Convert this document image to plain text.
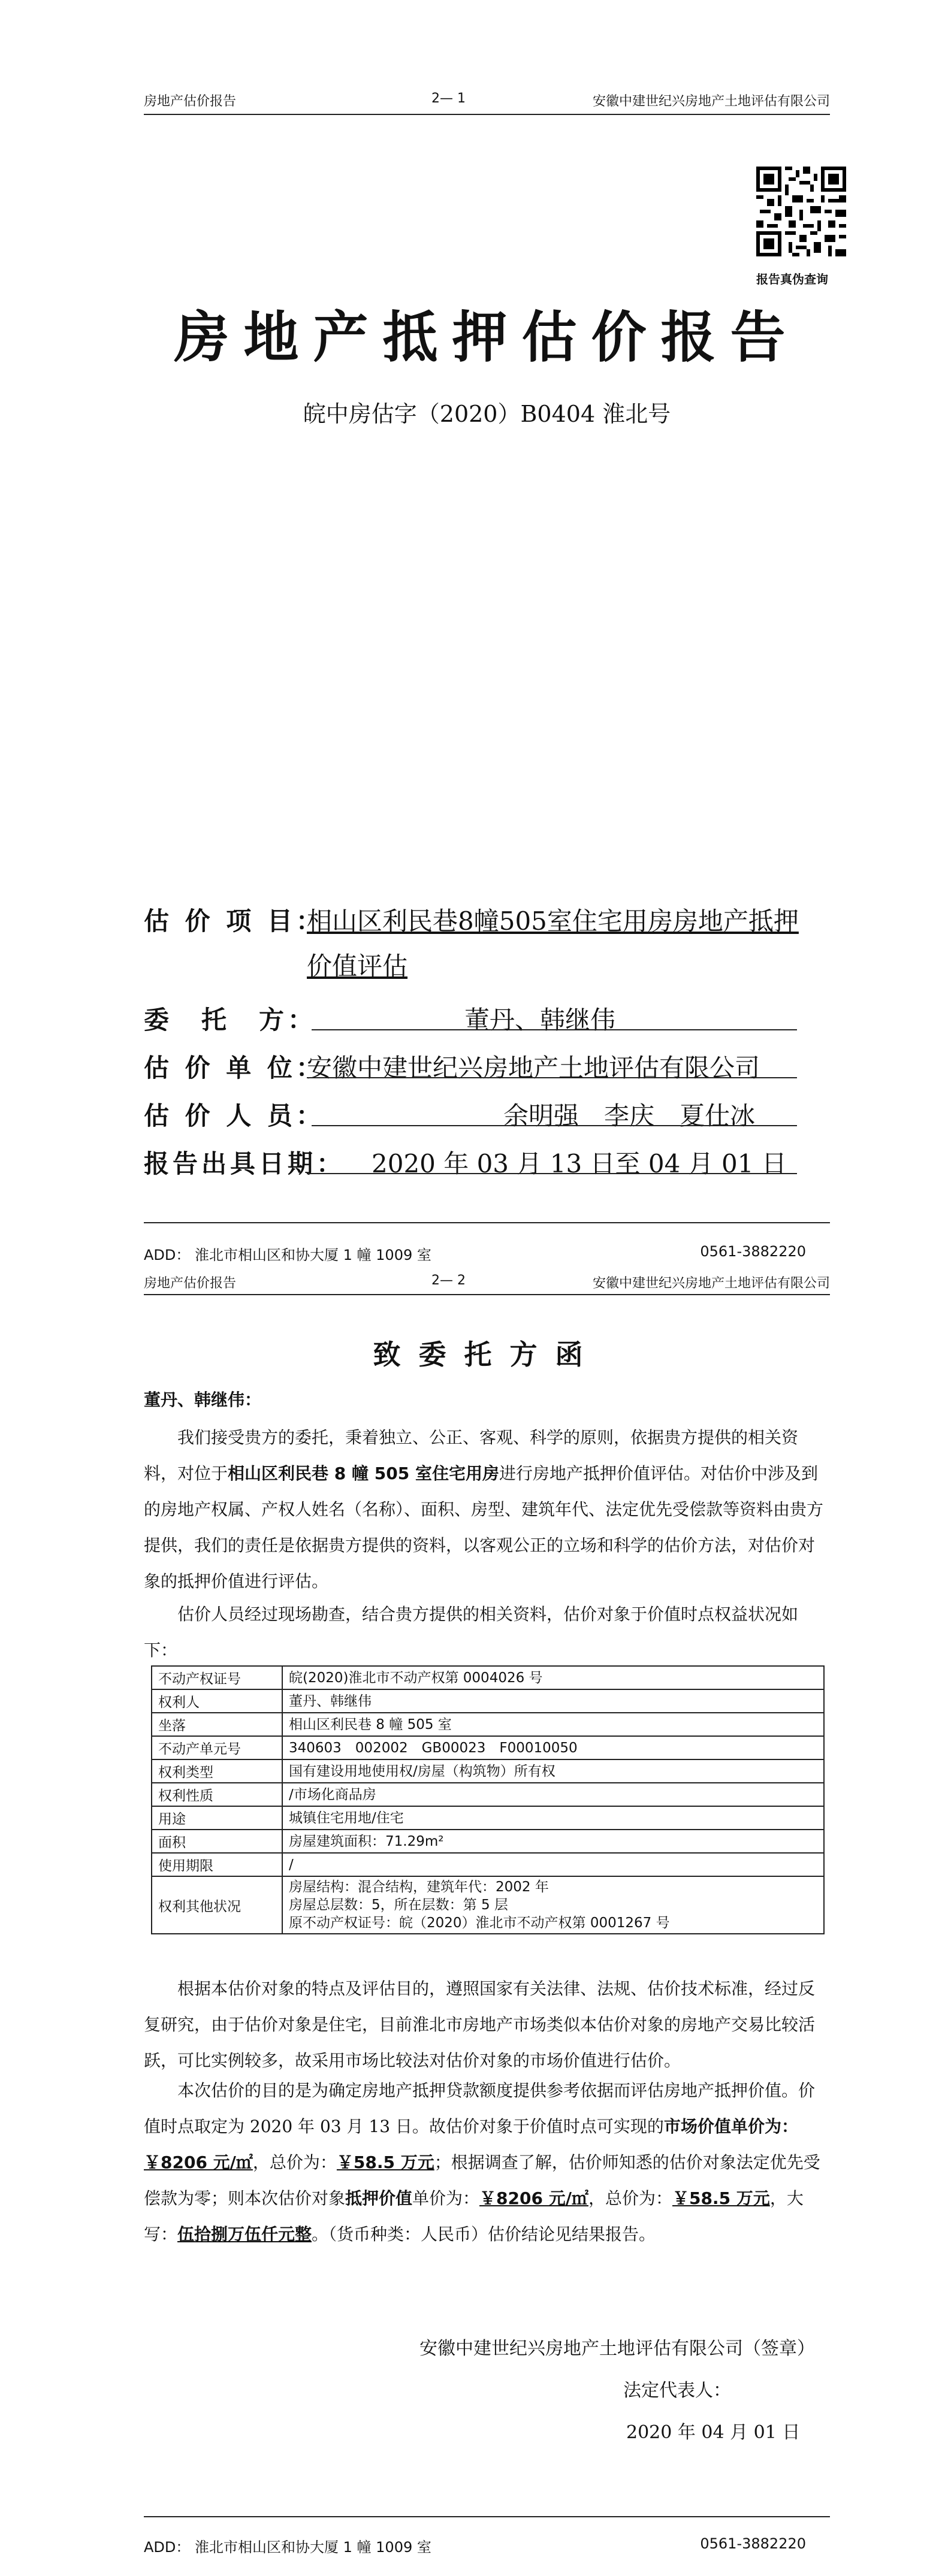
房地产估价报告	2— 1	安徽中建世纪兴房地产土地评估有限公司
报告真伪查询
房地产抵押估价报告
皖中房估字（2020）B0404 淮北号
估 价 项 目：
相山区利民巷8幢505室住宅用房房地产抵押
价值评估
委　托　方：	董丹、韩继伟
估 价 单 位：
安徽中建世纪兴房地产土地评估有限公司
估 价 人 员：	余明强　李庆　夏仕冰
报告出具日期： 2020 年 03 月 13 日至 04 月 01 日
ADD： 淮北市相山区和协大厦 1 幢 1009 室	0561-3882220
房地产估价报告	2— 2	安徽中建世纪兴房地产土地评估有限公司
致委托方函
董丹、韩继伟：
我们接受贵方的委托，秉着独立、公正、客观、科学的原则，依据贵方提供的相关资料，对位于相山区利民巷 8 幢 505 室住宅用房进行房地产抵押价值评估。对估价中涉及到的房地产权属、产权人姓名（名称）、面积、房型、建筑年代、法定优先受偿款等资料由贵方提供，我们的责任是依据贵方提供的资料，以客观公正的立场和科学的估价方法，对估价对象的抵押价值进行评估。
估价人员经过现场勘查，结合贵方提供的相关资料，估价对象于价值时点权益状况如下：
不动产权证号	皖(2020)淮北市不动产权第 0004026 号

权利人	董丹、韩继伟

坐落	相山区利民巷 8 幢 505 室

不动产单元号	340603　002002　GB00023　F00010050

权利类型	国有建设用地使用权/房屋（构筑物）所有权

权利性质	/市场化商品房

用途	城镇住宅用地/住宅

面积	房屋建筑面积：71.29m²

使用期限	/

权利其他状况	房屋结构：混合结构，建筑年代：2002 年
房屋总层数：5，所在层数：第 5 层
原不动产权证号：皖（2020）淮北市不动产权第 0001267 号
根据本估价对象的特点及评估目的，遵照国家有关法律、法规、估价技术标准，经过反复研究，由于估价对象是住宅，目前淮北市房地产市场类似本估价对象的房地产交易比较活跃，可比实例较多，故采用市场比较法对估价对象的市场价值进行估价。
本次估价的目的是为确定房地产抵押贷款额度提供参考依据而评估房地产抵押价值。价值时点取定为 2020 年 03 月 13 日。故估价对象于价值时点可实现的市场价值单价为：￥8206 元/㎡，总价为：￥58.5 万元；根据调查了解，估价师知悉的估价对象法定优先受偿款为零；则本次估价对象抵押价值单价为：￥8206 元/㎡，总价为：￥58.5 万元，大写：伍拾捌万伍仟元整。（货币种类：人民币）估价结论见结果报告。
安徽中建世纪兴房地产土地评估有限公司（签章）
法定代表人：
2020 年 04 月 01 日
ADD： 淮北市相山区和协大厦 1 幢 1009 室	0561-3882220
